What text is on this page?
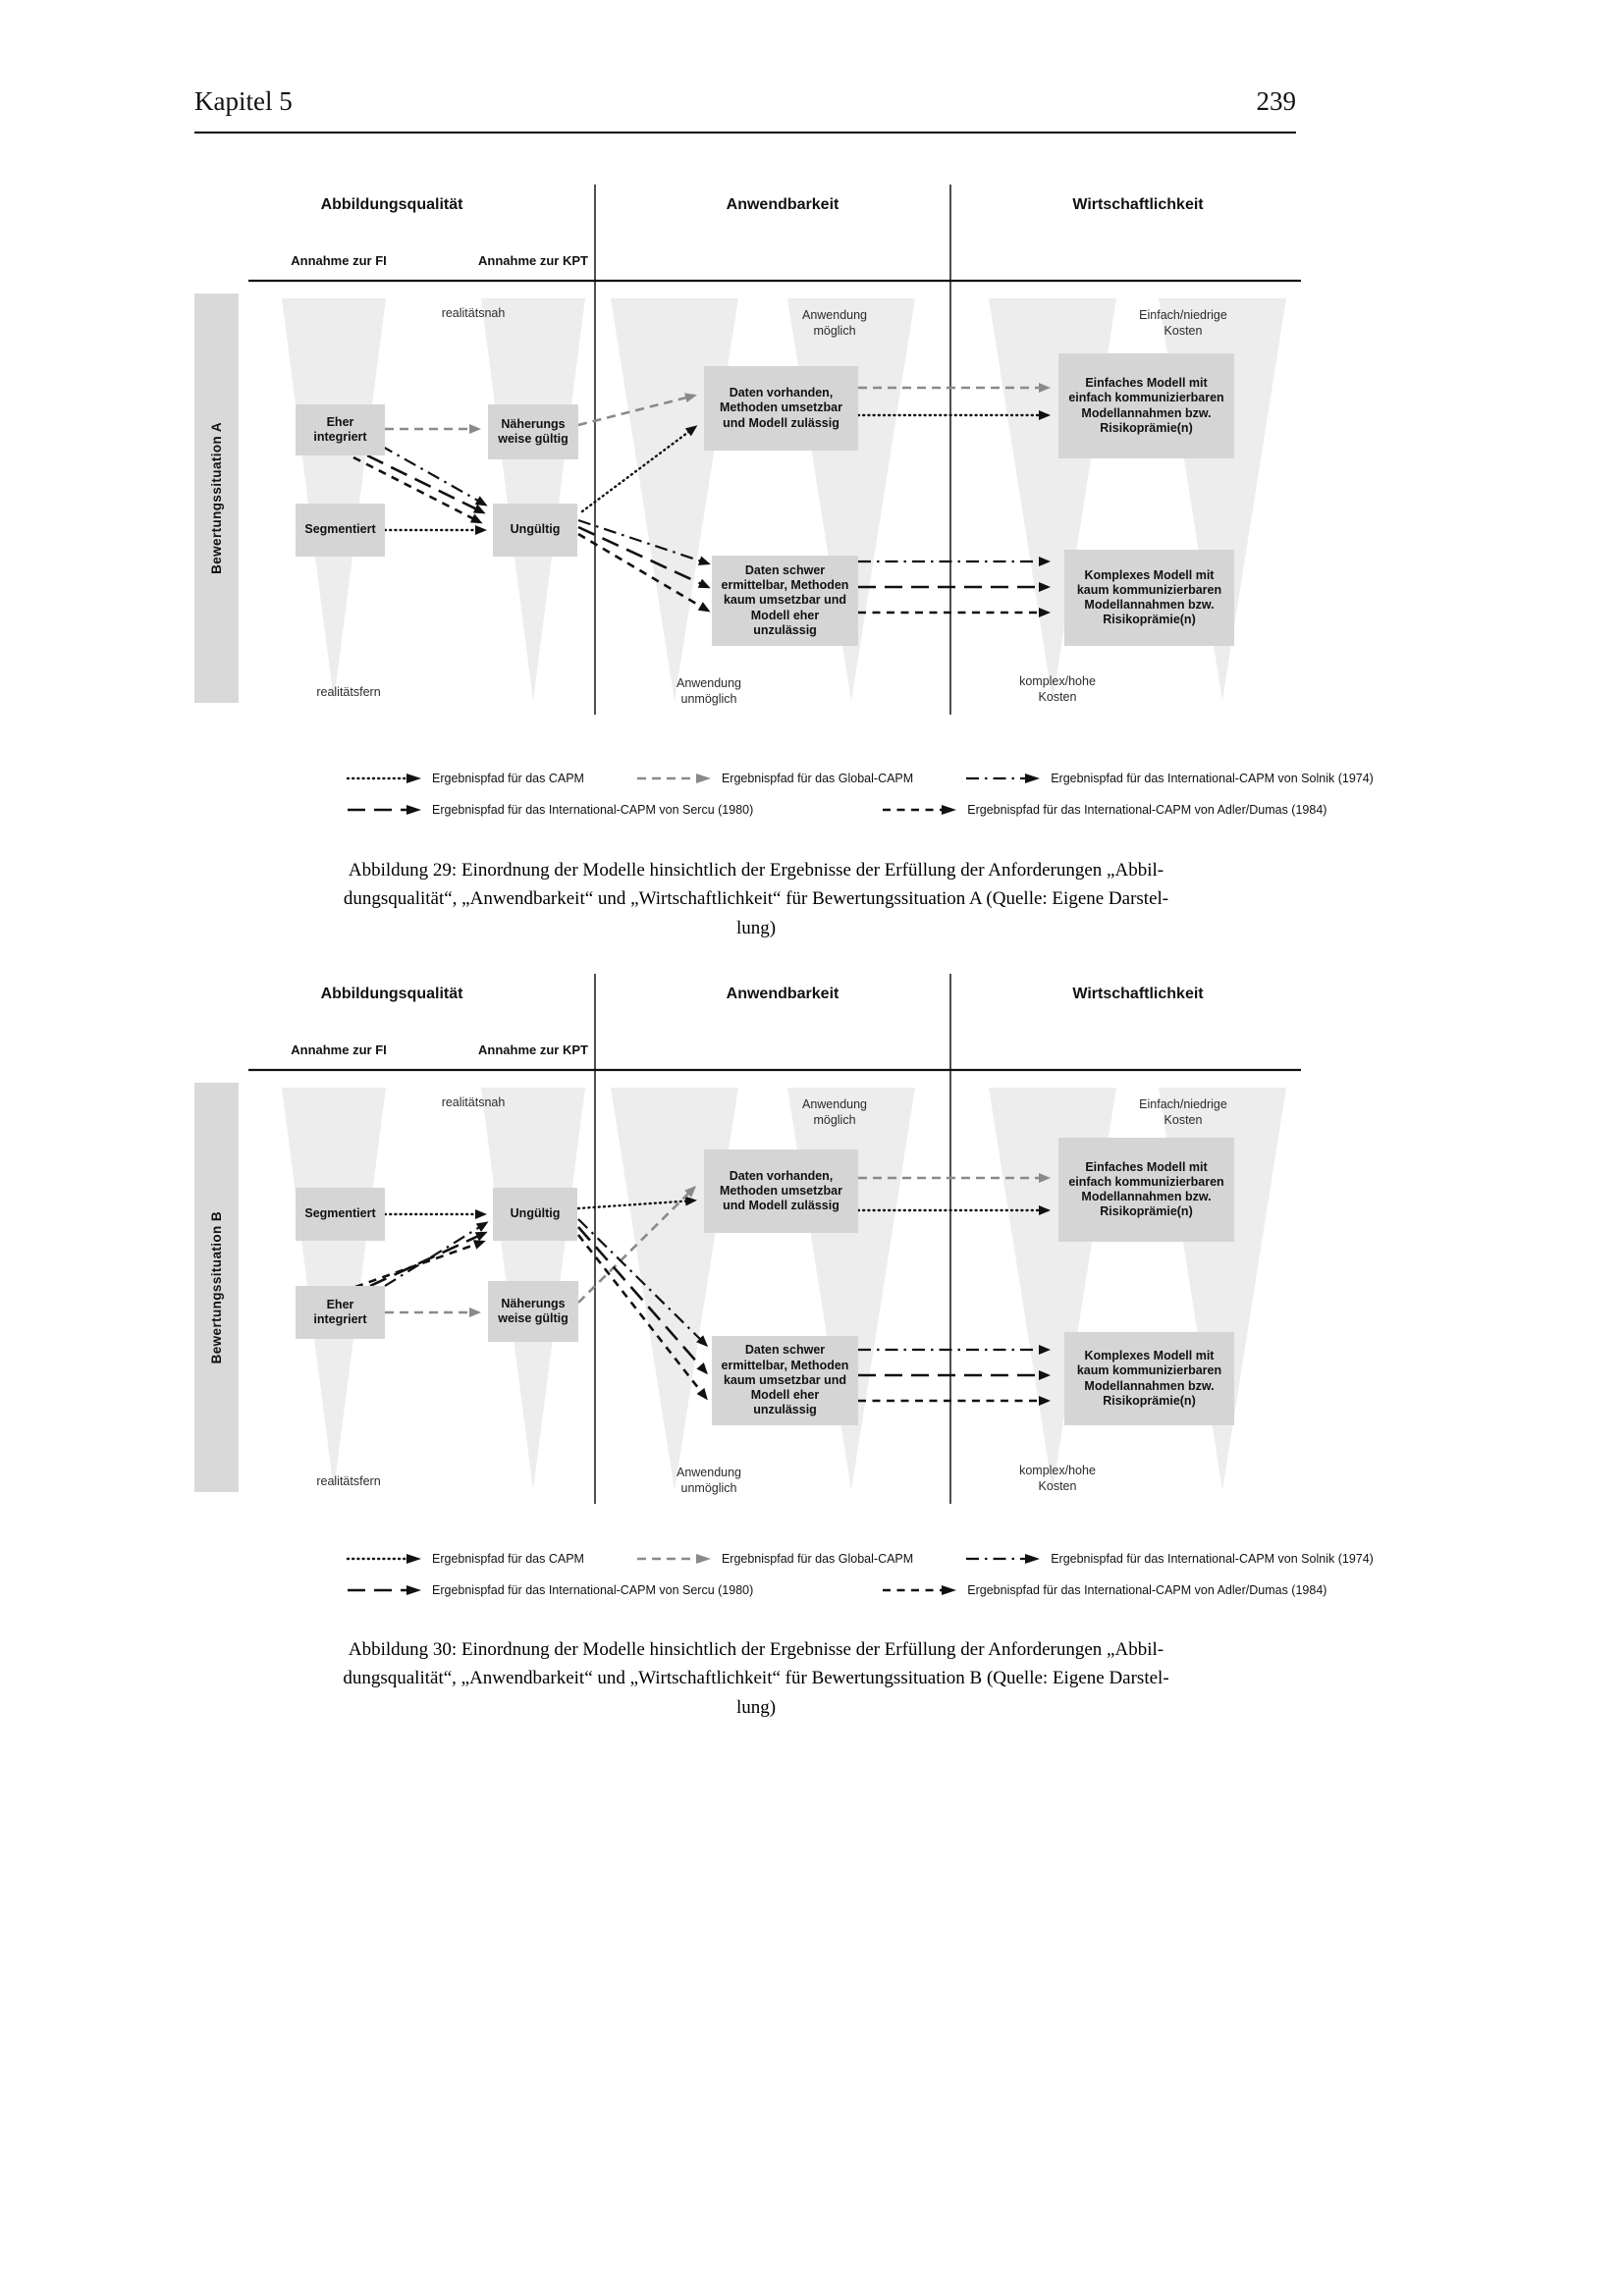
Kapitel 5	239
Abbildungsqualität	Anwendbarkeit	Wirtschaftlichkeit
Annahme zur FI	Annahme zur KPT
Bewertungssituation A
realitätsnah
realitätsfern
Anwendung möglich
Anwendung unmöglich
Einfach/niedrige Kosten
komplex/hohe Kosten
Eher integriert
Näherungs weise gültig
Segmentiert	Ungültig
Daten vorhanden, Methoden umsetzbar und Modell zulässig
Daten schwer ermittelbar, Methoden kaum umsetzbar und Modell eher unzulässig
Einfaches Modell mit einfach kommunizierbaren Modellannahmen bzw. Risikoprämie(n)
Komplexes Modell mit kaum kommunizierbaren Modellannahmen bzw. Risikoprämie(n)
Ergebnispfad für das CAPM	Ergebnispfad für das Global-CAPM	Ergebnispfad für das International-CAPM von Solnik (1974)
Ergebnispfad für das International-CAPM von Sercu (1980)	Ergebnispfad für das International-CAPM von Adler/Dumas (1984)
Abbildung 29: Einordnung der Modelle hinsichtlich der Ergebnisse der Erfüllung der Anforderungen „Abbil-
dungsqualität“, „Anwendbarkeit“ und „Wirtschaftlichkeit“ für Bewertungssituation A (Quelle: Eigene Darstel-
lung)
Abbildungsqualität	Anwendbarkeit	Wirtschaftlichkeit
Annahme zur FI	Annahme zur KPT
Bewertungssituation B
realitätsnah
realitätsfern
Anwendung möglich
Anwendung unmöglich
Einfach/niedrige Kosten
komplex/hohe Kosten
Segmentiert	Ungültig
Eher integriert
Näherungs weise gültig
Daten vorhanden, Methoden umsetzbar und Modell zulässig
Daten schwer ermittelbar, Methoden kaum umsetzbar und Modell eher unzulässig
Einfaches Modell mit einfach kommunizierbaren Modellannahmen bzw. Risikoprämie(n)
Komplexes Modell mit kaum kommunizierbaren Modellannahmen bzw. Risikoprämie(n)
Ergebnispfad für das CAPM	Ergebnispfad für das Global-CAPM	Ergebnispfad für das International-CAPM von Solnik (1974)
Ergebnispfad für das International-CAPM von Sercu (1980)	Ergebnispfad für das International-CAPM von Adler/Dumas (1984)
Abbildung 30: Einordnung der Modelle hinsichtlich der Ergebnisse der Erfüllung der Anforderungen „Abbil-
dungsqualität“, „Anwendbarkeit“ und „Wirtschaftlichkeit“ für Bewertungssituation B (Quelle: Eigene Darstel-
lung)
